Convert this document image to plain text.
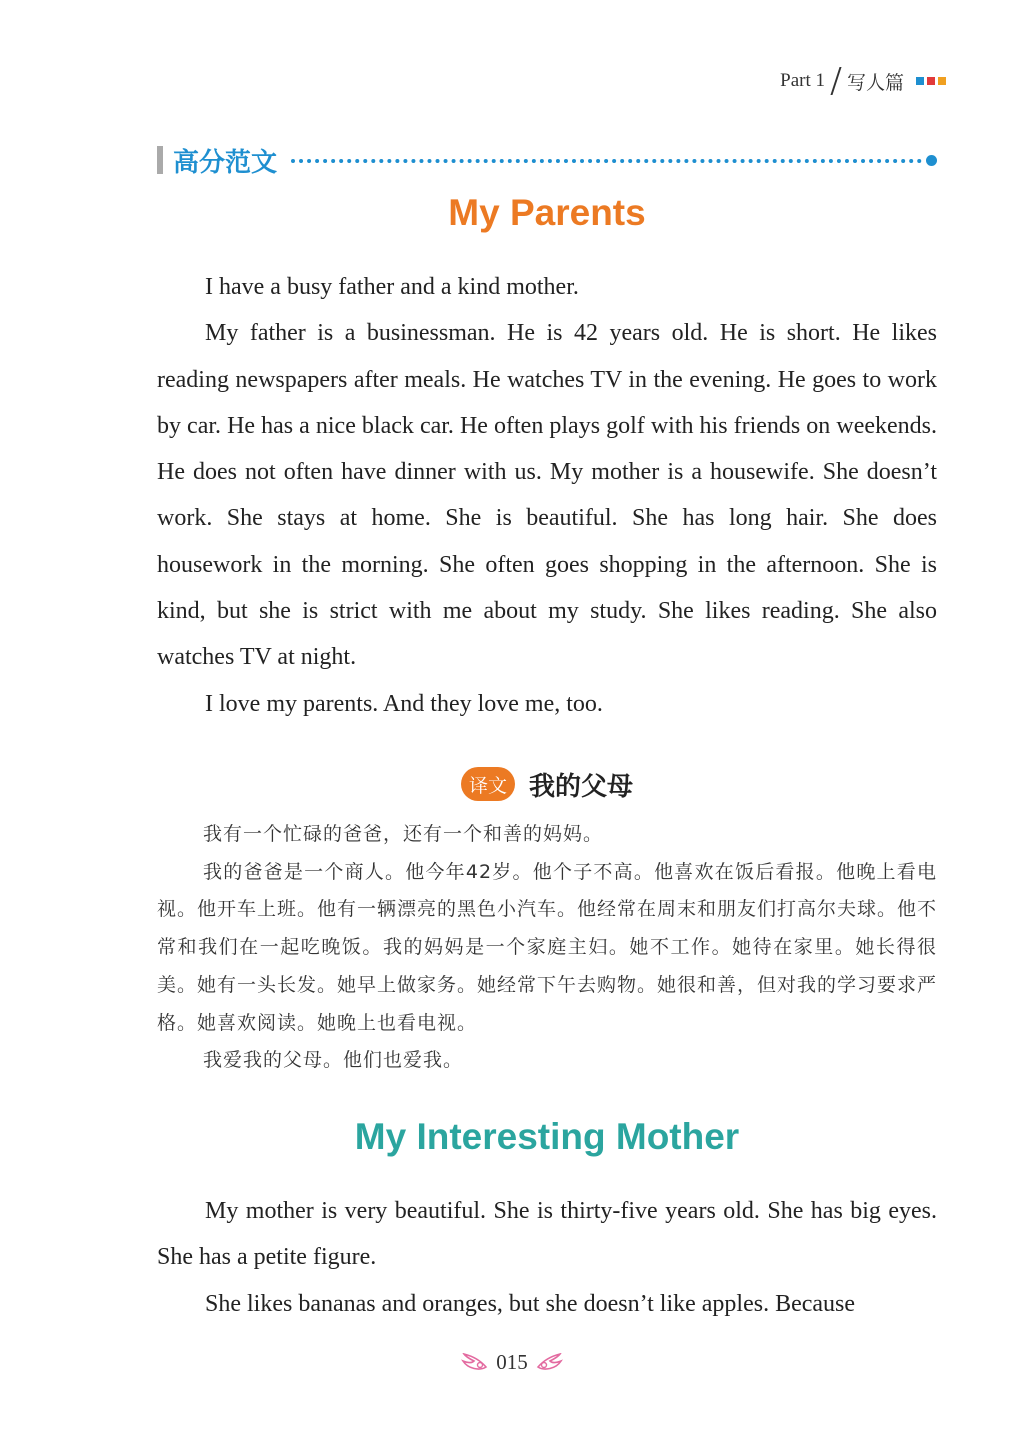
Part 1 写人篇
高分范文
My Parents

I have a busy father and a kind mother.

My father is a businessman. He is 42 years old. He is short. He likes reading newspapers after meals. He watches TV in the evening. He goes to work by car. He has a nice black car. He often plays golf with his friends on weekends. He does not often have dinner with us. My mother is a housewife. She doesn’t work. She stays at home. She is beautiful. She has long hair. She does housework in the morning. She often goes shopping in the afternoon. She is kind, but she is strict with me about my study. She likes reading. She also watches TV at night.

I love my parents. And they love me, too.

译文 我的父母

我有一个忙碌的爸爸，还有一个和善的妈妈。

我的爸爸是一个商人。他今年42岁。他个子不高。他喜欢在饭后看报。他晚上看电视。他开车上班。他有一辆漂亮的黑色小汽车。他经常在周末和朋友们打高尔夫球。他不常和我们在一起吃晚饭。我的妈妈是一个家庭主妇。她不工作。她待在家里。她长得很美。她有一头长发。她早上做家务。她经常下午去购物。她很和善，但对我的学习要求严格。她喜欢阅读。她晚上也看电视。

我爱我的父母。他们也爱我。

My Interesting Mother

My mother is very beautiful. She is thirty-five years old. She has big eyes. She has a petite figure.

She likes bananas and oranges, but she doesn’t like apples. Because

015
